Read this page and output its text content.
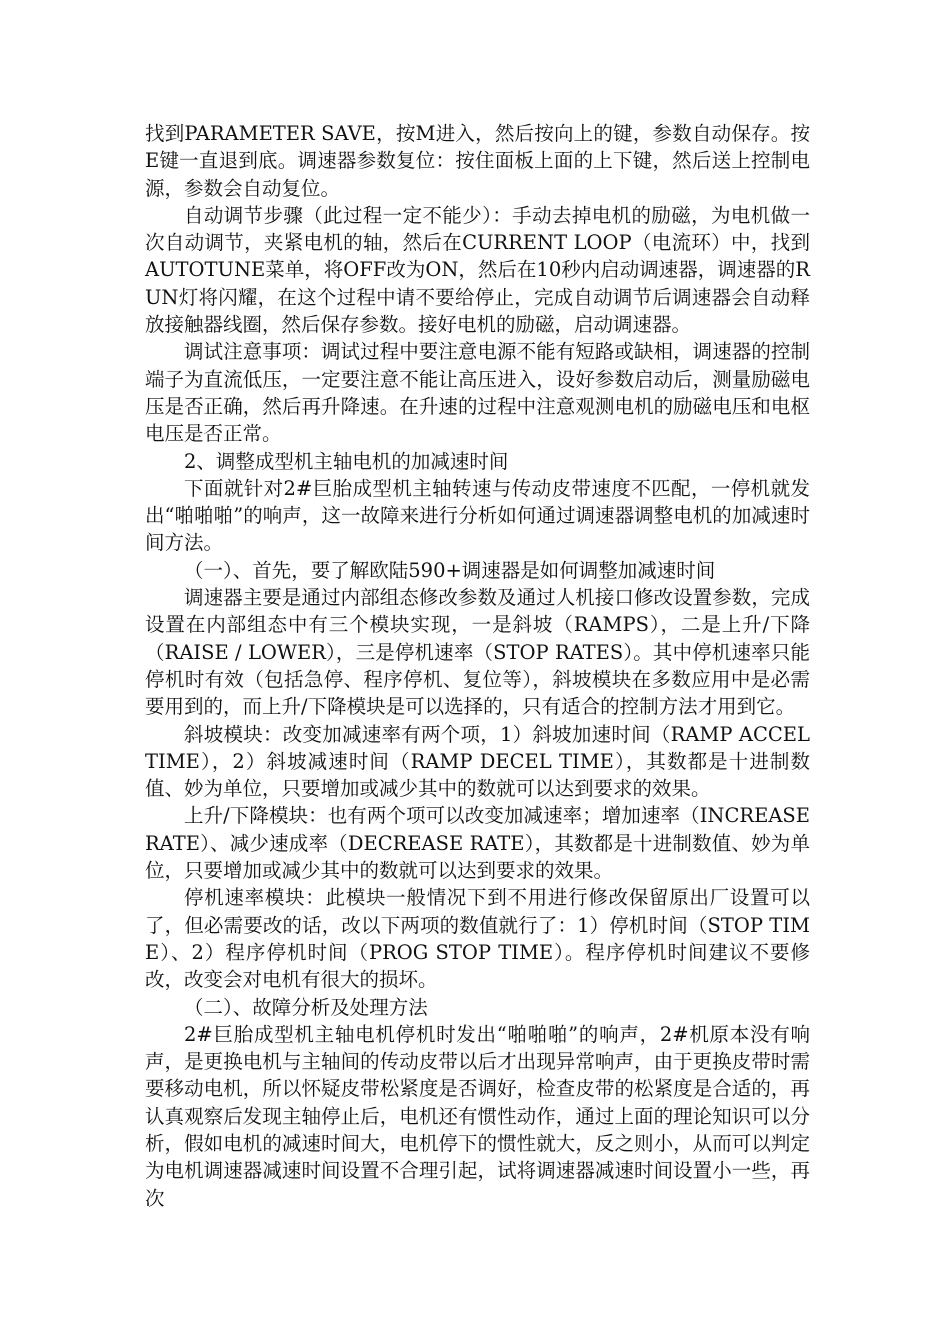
找到PARAMETER SAVE，按M进入，然后按向上的键，参数自动保存。按E键一直退到底。调速器参数复位：按住面板上面的上下键，然后送上控制电源，参数会自动复位。

自动调节步骤（此过程一定不能少）：手动去掉电机的励磁，为电机做一次自动调节，夹紧电机的轴，然后在CURRENT LOOP（电流环）中，找到AUTOTUNE菜单，将OFF改为ON，然后在10秒内启动调速器，调速器的RUN灯将闪耀，在这个过程中请不要给停止，完成自动调节后调速器会自动释放接触器线圈，然后保存参数。接好电机的励磁，启动调速器。

调试注意事项：调试过程中要注意电源不能有短路或缺相，调速器的控制端子为直流低压，一定要注意不能让高压进入，设好参数启动后，测量励磁电压是否正确，然后再升降速。在升速的过程中注意观测电机的励磁电压和电枢电压是否正常。

2、调整成型机主轴电机的加减速时间

下面就针对2#巨胎成型机主轴转速与传动皮带速度不匹配，一停机就发出“啪啪啪”的响声，这一故障来进行分析如何通过调速器调整电机的加减速时间方法。

（一）、首先，要了解欧陆590+调速器是如何调整加减速时间

调速器主要是通过内部组态修改参数及通过人机接口修改设置参数，完成设置在内部组态中有三个模块实现，一是斜坡（RAMPS），二是上升/下降（RAISE / LOWER），三是停机速率（STOP RATES）。其中停机速率只能停机时有效（包括急停、程序停机、复位等），斜坡模块在多数应用中是必需要用到的，而上升/下降模块是可以选择的，只有适合的控制方法才用到它。

斜坡模块：改变加减速率有两个项，1）斜坡加速时间（RAMP ACCEL TIME），2）斜坡减速时间（RAMP DECEL TIME），其数都是十进制数值、妙为单位，只要增加或减少其中的数就可以达到要求的效果。

上升/下降模块：也有两个项可以改变加减速率；增加速率（INCREASE RATE）、减少速成率（DECREASE RATE），其数都是十进制数值、妙为单位，只要增加或减少其中的数就可以达到要求的效果。

停机速率模块：此模块一般情况下到不用进行修改保留原出厂设置可以了，但必需要改的话，改以下两项的数值就行了：1）停机时间（STOP TIME）、2）程序停机时间（PROG STOP TIME）。程序停机时间建议不要修改，改变会对电机有很大的损坏。

（二）、故障分析及处理方法

2#巨胎成型机主轴电机停机时发出“啪啪啪”的响声，2#机原本没有响声，是更换电机与主轴间的传动皮带以后才出现异常响声，由于更换皮带时需要移动电机，所以怀疑皮带松紧度是否调好，检查皮带的松紧度是合适的，再认真观察后发现主轴停止后，电机还有惯性动作，通过上面的理论知识可以分析，假如电机的减速时间大，电机停下的惯性就大，反之则小，从而可以判定为电机调速器减速时间设置不合理引起，试将调速器减速时间设置小一些，再次
